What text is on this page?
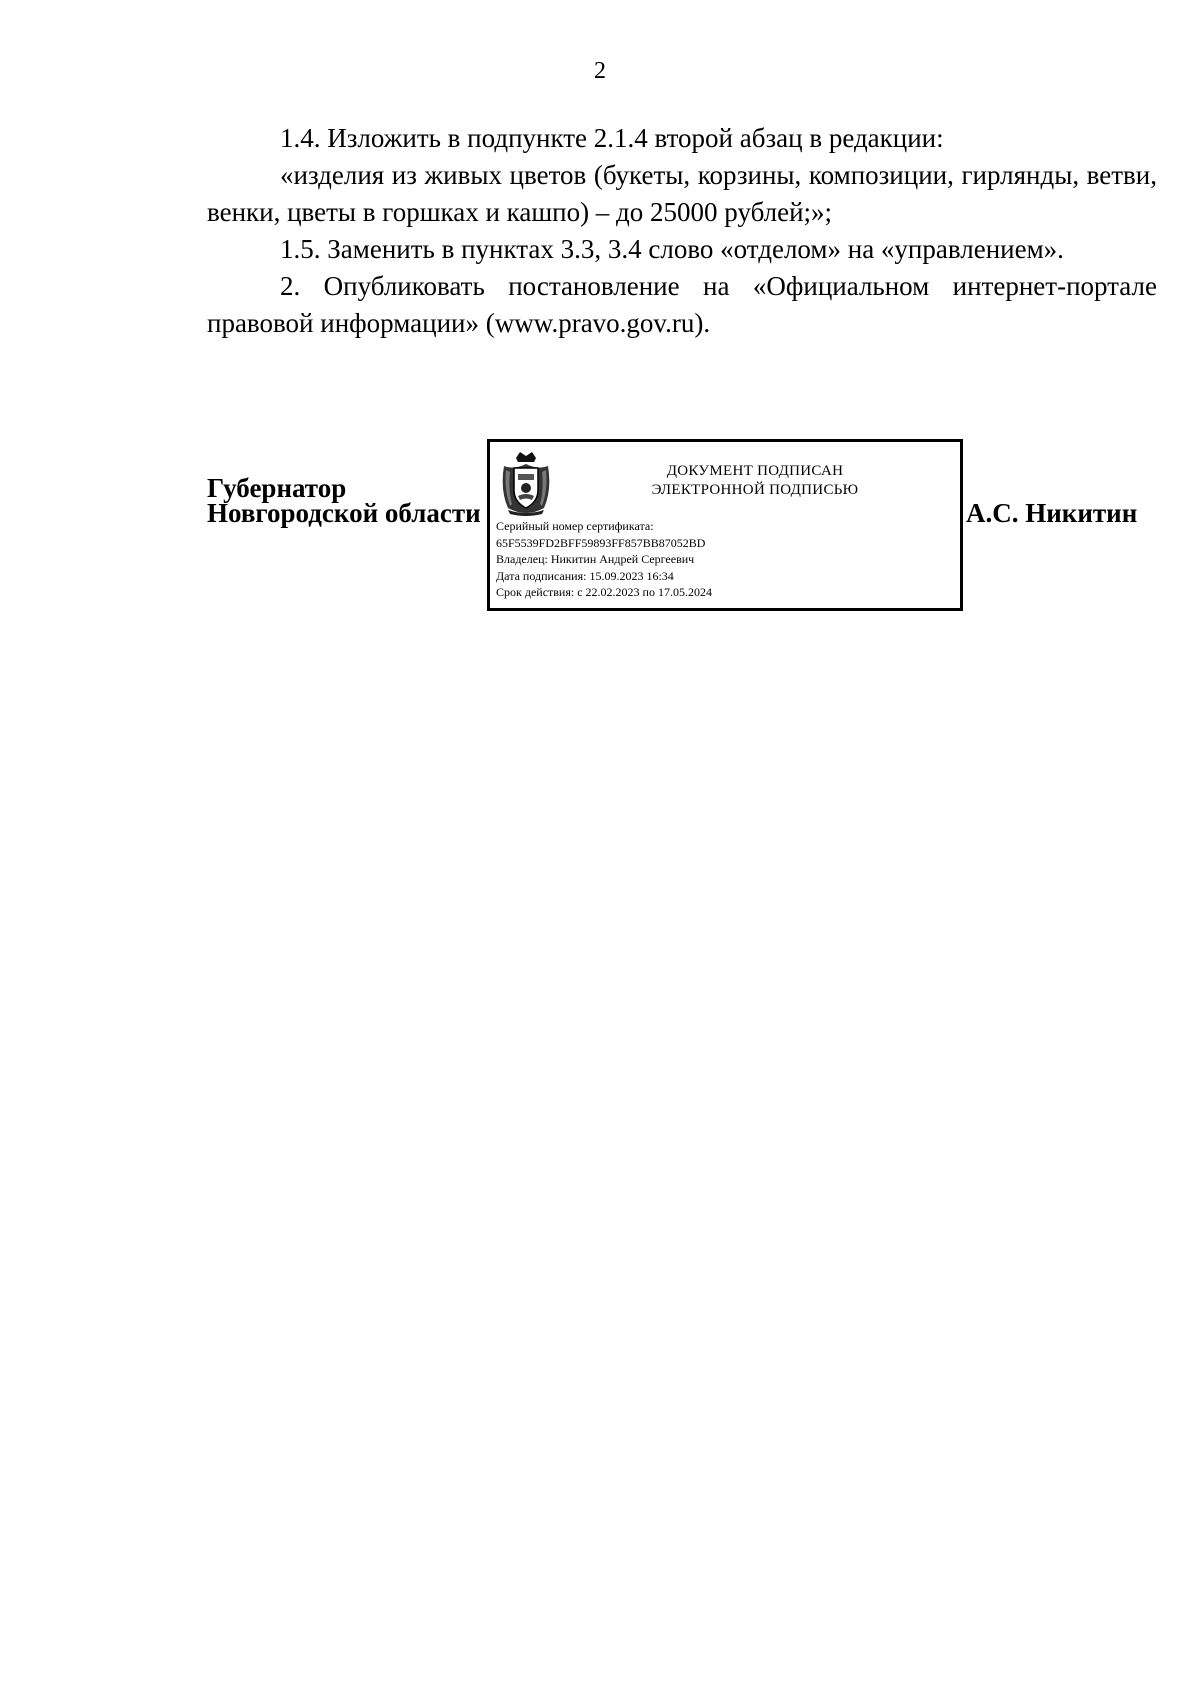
2

1.4. Изложить в подпункте 2.1.4 второй абзац в редакции:

«изделия из живых цветов (букеты, корзины, композиции, гирлянды, ветви, венки, цветы в горшках и кашпо) – до 25000 рублей;»;

1.5. Заменить в пунктах 3.3, 3.4 слово «отделом» на «управлением».

2. Опубликовать постановление на «Официальном интернет-портале правовой информации» (www.pravo.gov.ru).

Губернатор
Новгородской области
ДОКУМЕНТ ПОДПИСАН
ЭЛЕКТРОННОЙ ПОДПИСЬЮ
Серийный номер сертификата:
65F5539FD2BFF59893FF857BB87052BD
Владелец: Никитин Андрей Сергеевич
Дата подписания: 15.09.2023 16:34
Срок действия: с 22.02.2023 по 17.05.2024
А.С. Никитин
